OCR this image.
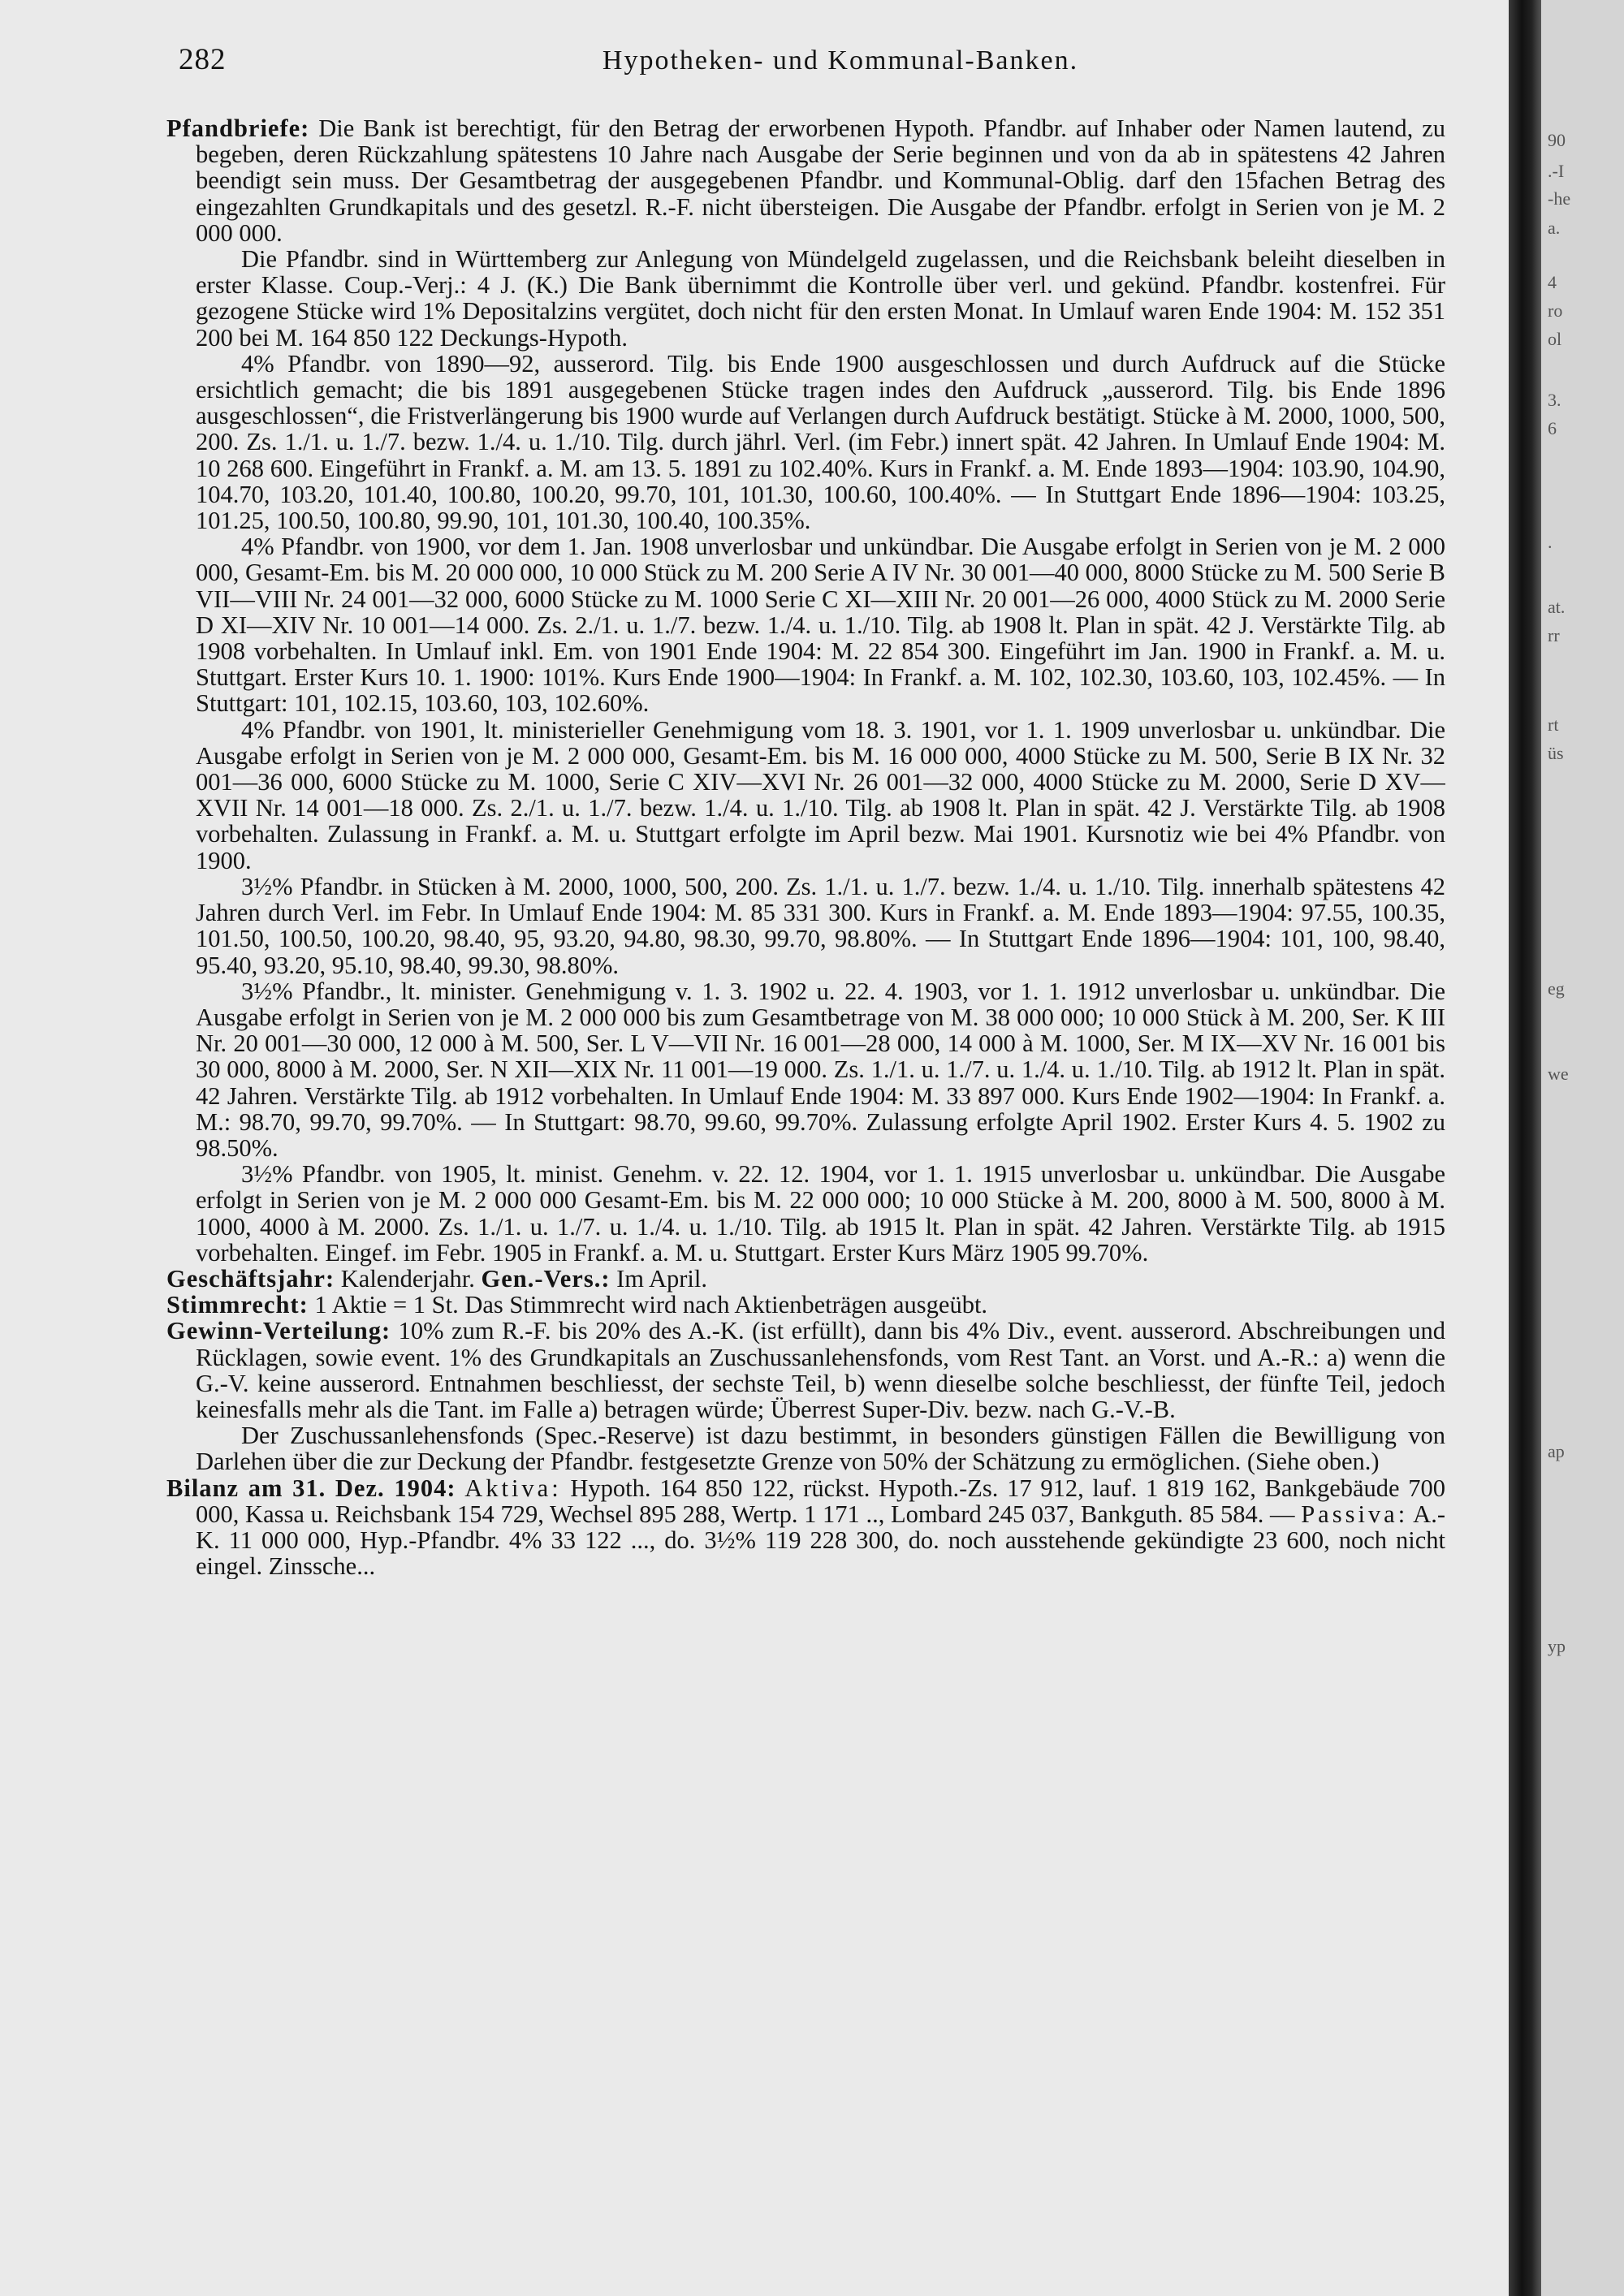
282	Hypotheken- und Kommunal-Banken.

Pfandbriefe: Die Bank ist berechtigt, für den Betrag der erworbenen Hypoth. Pfandbr. auf Inhaber oder Namen lautend, zu begeben, deren Rückzahlung spätestens 10 Jahre nach Ausgabe der Serie beginnen und von da ab in spätestens 42 Jahren beendigt sein muss. Der Gesamtbetrag der ausgegebenen Pfandbr. und Kommunal-Oblig. darf den 15fachen Betrag des eingezahlten Grundkapitals und des gesetzl. R.-F. nicht übersteigen. Die Ausgabe der Pfandbr. erfolgt in Serien von je M. 2 000 000.

Die Pfandbr. sind in Württemberg zur Anlegung von Mündelgeld zugelassen, und die Reichsbank beleiht dieselben in erster Klasse. Coup.-Verj.: 4 J. (K.) Die Bank übernimmt die Kontrolle über verl. und gekünd. Pfandbr. kostenfrei. Für gezogene Stücke wird 1% Depositalzins vergütet, doch nicht für den ersten Monat. In Umlauf waren Ende 1904: M. 152 351 200 bei M. 164 850 122 Deckungs-Hypoth.

4% Pfandbr. von 1890—92, ausserord. Tilg. bis Ende 1900 ausgeschlossen und durch Aufdruck auf die Stücke ersichtlich gemacht; die bis 1891 ausgegebenen Stücke tragen indes den Aufdruck „ausserord. Tilg. bis Ende 1896 ausgeschlossen“, die Fristverlängerung bis 1900 wurde auf Verlangen durch Aufdruck bestätigt. Stücke à M. 2000, 1000, 500, 200. Zs. 1./1. u. 1./7. bezw. 1./4. u. 1./10. Tilg. durch jährl. Verl. (im Febr.) innert spät. 42 Jahren. In Umlauf Ende 1904: M. 10 268 600. Eingeführt in Frankf. a. M. am 13. 5. 1891 zu 102.40%. Kurs in Frankf. a. M. Ende 1893—1904: 103.90, 104.90, 104.70, 103.20, 101.40, 100.80, 100.20, 99.70, 101, 101.30, 100.60, 100.40%. — In Stuttgart Ende 1896—1904: 103.25, 101.25, 100.50, 100.80, 99.90, 101, 101.30, 100.40, 100.35%.

4% Pfandbr. von 1900, vor dem 1. Jan. 1908 unverlosbar und unkündbar. Die Ausgabe erfolgt in Serien von je M. 2 000 000, Gesamt-Em. bis M. 20 000 000, 10 000 Stück zu M. 200 Serie A IV Nr. 30 001—40 000, 8000 Stücke zu M. 500 Serie B VII—VIII Nr. 24 001—32 000, 6000 Stücke zu M. 1000 Serie C XI—XIII Nr. 20 001—26 000, 4000 Stück zu M. 2000 Serie D XI—XIV Nr. 10 001—14 000. Zs. 2./1. u. 1./7. bezw. 1./4. u. 1./10. Tilg. ab 1908 lt. Plan in spät. 42 J. Verstärkte Tilg. ab 1908 vorbehalten. In Umlauf inkl. Em. von 1901 Ende 1904: M. 22 854 300. Eingeführt im Jan. 1900 in Frankf. a. M. u. Stuttgart. Erster Kurs 10. 1. 1900: 101%. Kurs Ende 1900—1904: In Frankf. a. M. 102, 102.30, 103.60, 103, 102.45%. — In Stuttgart: 101, 102.15, 103.60, 103, 102.60%.

4% Pfandbr. von 1901, lt. ministerieller Genehmigung vom 18. 3. 1901, vor 1. 1. 1909 unverlosbar u. unkündbar. Die Ausgabe erfolgt in Serien von je M. 2 000 000, Gesamt-Em. bis M. 16 000 000, 4000 Stücke zu M. 500, Serie B IX Nr. 32 001—36 000, 6000 Stücke zu M. 1000, Serie C XIV—XVI Nr. 26 001—32 000, 4000 Stücke zu M. 2000, Serie D XV—XVII Nr. 14 001—18 000. Zs. 2./1. u. 1./7. bezw. 1./4. u. 1./10. Tilg. ab 1908 lt. Plan in spät. 42 J. Verstärkte Tilg. ab 1908 vorbehalten. Zulassung in Frankf. a. M. u. Stuttgart erfolgte im April bezw. Mai 1901. Kursnotiz wie bei 4% Pfandbr. von 1900.

3½% Pfandbr. in Stücken à M. 2000, 1000, 500, 200. Zs. 1./1. u. 1./7. bezw. 1./4. u. 1./10. Tilg. innerhalb spätestens 42 Jahren durch Verl. im Febr. In Umlauf Ende 1904: M. 85 331 300. Kurs in Frankf. a. M. Ende 1893—1904: 97.55, 100.35, 101.50, 100.50, 100.20, 98.40, 95, 93.20, 94.80, 98.30, 99.70, 98.80%. — In Stuttgart Ende 1896—1904: 101, 100, 98.40, 95.40, 93.20, 95.10, 98.40, 99.30, 98.80%.

3½% Pfandbr., lt. minister. Genehmigung v. 1. 3. 1902 u. 22. 4. 1903, vor 1. 1. 1912 unverlosbar u. unkündbar. Die Ausgabe erfolgt in Serien von je M. 2 000 000 bis zum Gesamtbetrage von M. 38 000 000; 10 000 Stück à M. 200, Ser. K III Nr. 20 001—30 000, 12 000 à M. 500, Ser. L V—VII Nr. 16 001—28 000, 14 000 à M. 1000, Ser. M IX—XV Nr. 16 001 bis 30 000, 8000 à M. 2000, Ser. N XII—XIX Nr. 11 001—19 000. Zs. 1./1. u. 1./7. u. 1./4. u. 1./10. Tilg. ab 1912 lt. Plan in spät. 42 Jahren. Verstärkte Tilg. ab 1912 vorbehalten. In Umlauf Ende 1904: M. 33 897 000. Kurs Ende 1902—1904: In Frankf. a. M.: 98.70, 99.70, 99.70%. — In Stuttgart: 98.70, 99.60, 99.70%. Zulassung erfolgte April 1902. Erster Kurs 4. 5. 1902 zu 98.50%.

3½% Pfandbr. von 1905, lt. minist. Genehm. v. 22. 12. 1904, vor 1. 1. 1915 unverlosbar u. unkündbar. Die Ausgabe erfolgt in Serien von je M. 2 000 000 Gesamt-Em. bis M. 22 000 000; 10 000 Stücke à M. 200, 8000 à M. 500, 8000 à M. 1000, 4000 à M. 2000. Zs. 1./1. u. 1./7. u. 1./4. u. 1./10. Tilg. ab 1915 lt. Plan in spät. 42 Jahren. Verstärkte Tilg. ab 1915 vorbehalten. Eingef. im Febr. 1905 in Frankf. a. M. u. Stuttgart. Erster Kurs März 1905 99.70%.

Geschäftsjahr: Kalenderjahr. Gen.-Vers.: Im April.

Stimmrecht: 1 Aktie = 1 St. Das Stimmrecht wird nach Aktienbeträgen ausgeübt.

Gewinn-Verteilung: 10% zum R.-F. bis 20% des A.-K. (ist erfüllt), dann bis 4% Div., event. ausserord. Abschreibungen und Rücklagen, sowie event. 1% des Grundkapitals an Zuschussanlehensfonds, vom Rest Tant. an Vorst. und A.-R.: a) wenn die G.-V. keine ausserord. Entnahmen beschliesst, der sechste Teil, b) wenn dieselbe solche beschliesst, der fünfte Teil, jedoch keinesfalls mehr als die Tant. im Falle a) betragen würde; Überrest Super-Div. bezw. nach G.-V.-B.

Der Zuschussanlehensfonds (Spec.-Reserve) ist dazu bestimmt, in besonders günstigen Fällen die Bewilligung von Darlehen über die zur Deckung der Pfandbr. festgesetzte Grenze von 50% der Schätzung zu ermöglichen. (Siehe oben.)

Bilanz am 31. Dez. 1904: Aktiva: Hypoth. 164 850 122, rückst. Hypoth.-Zs. 17 912, lauf. 1 819 162, Bankgebäude 700 000, Kassa u. Reichsbank 154 729, Wechsel 895 288, Wertp. 1 171 .., Lombard 245 037, Bankguth. 85 584. — Passiva: A.-K. 11 000 000, Hyp.-Pfandbr. 4% 33 122 ..., do. 3½% 119 228 300, do. noch ausstehende gekündigte 23 600, noch nicht eingel. Zinssche...

90
.-I
-he
a.
4
ro
ol
3.
6
.
at.
rr
rt
üs
eg
we
ap
yp
